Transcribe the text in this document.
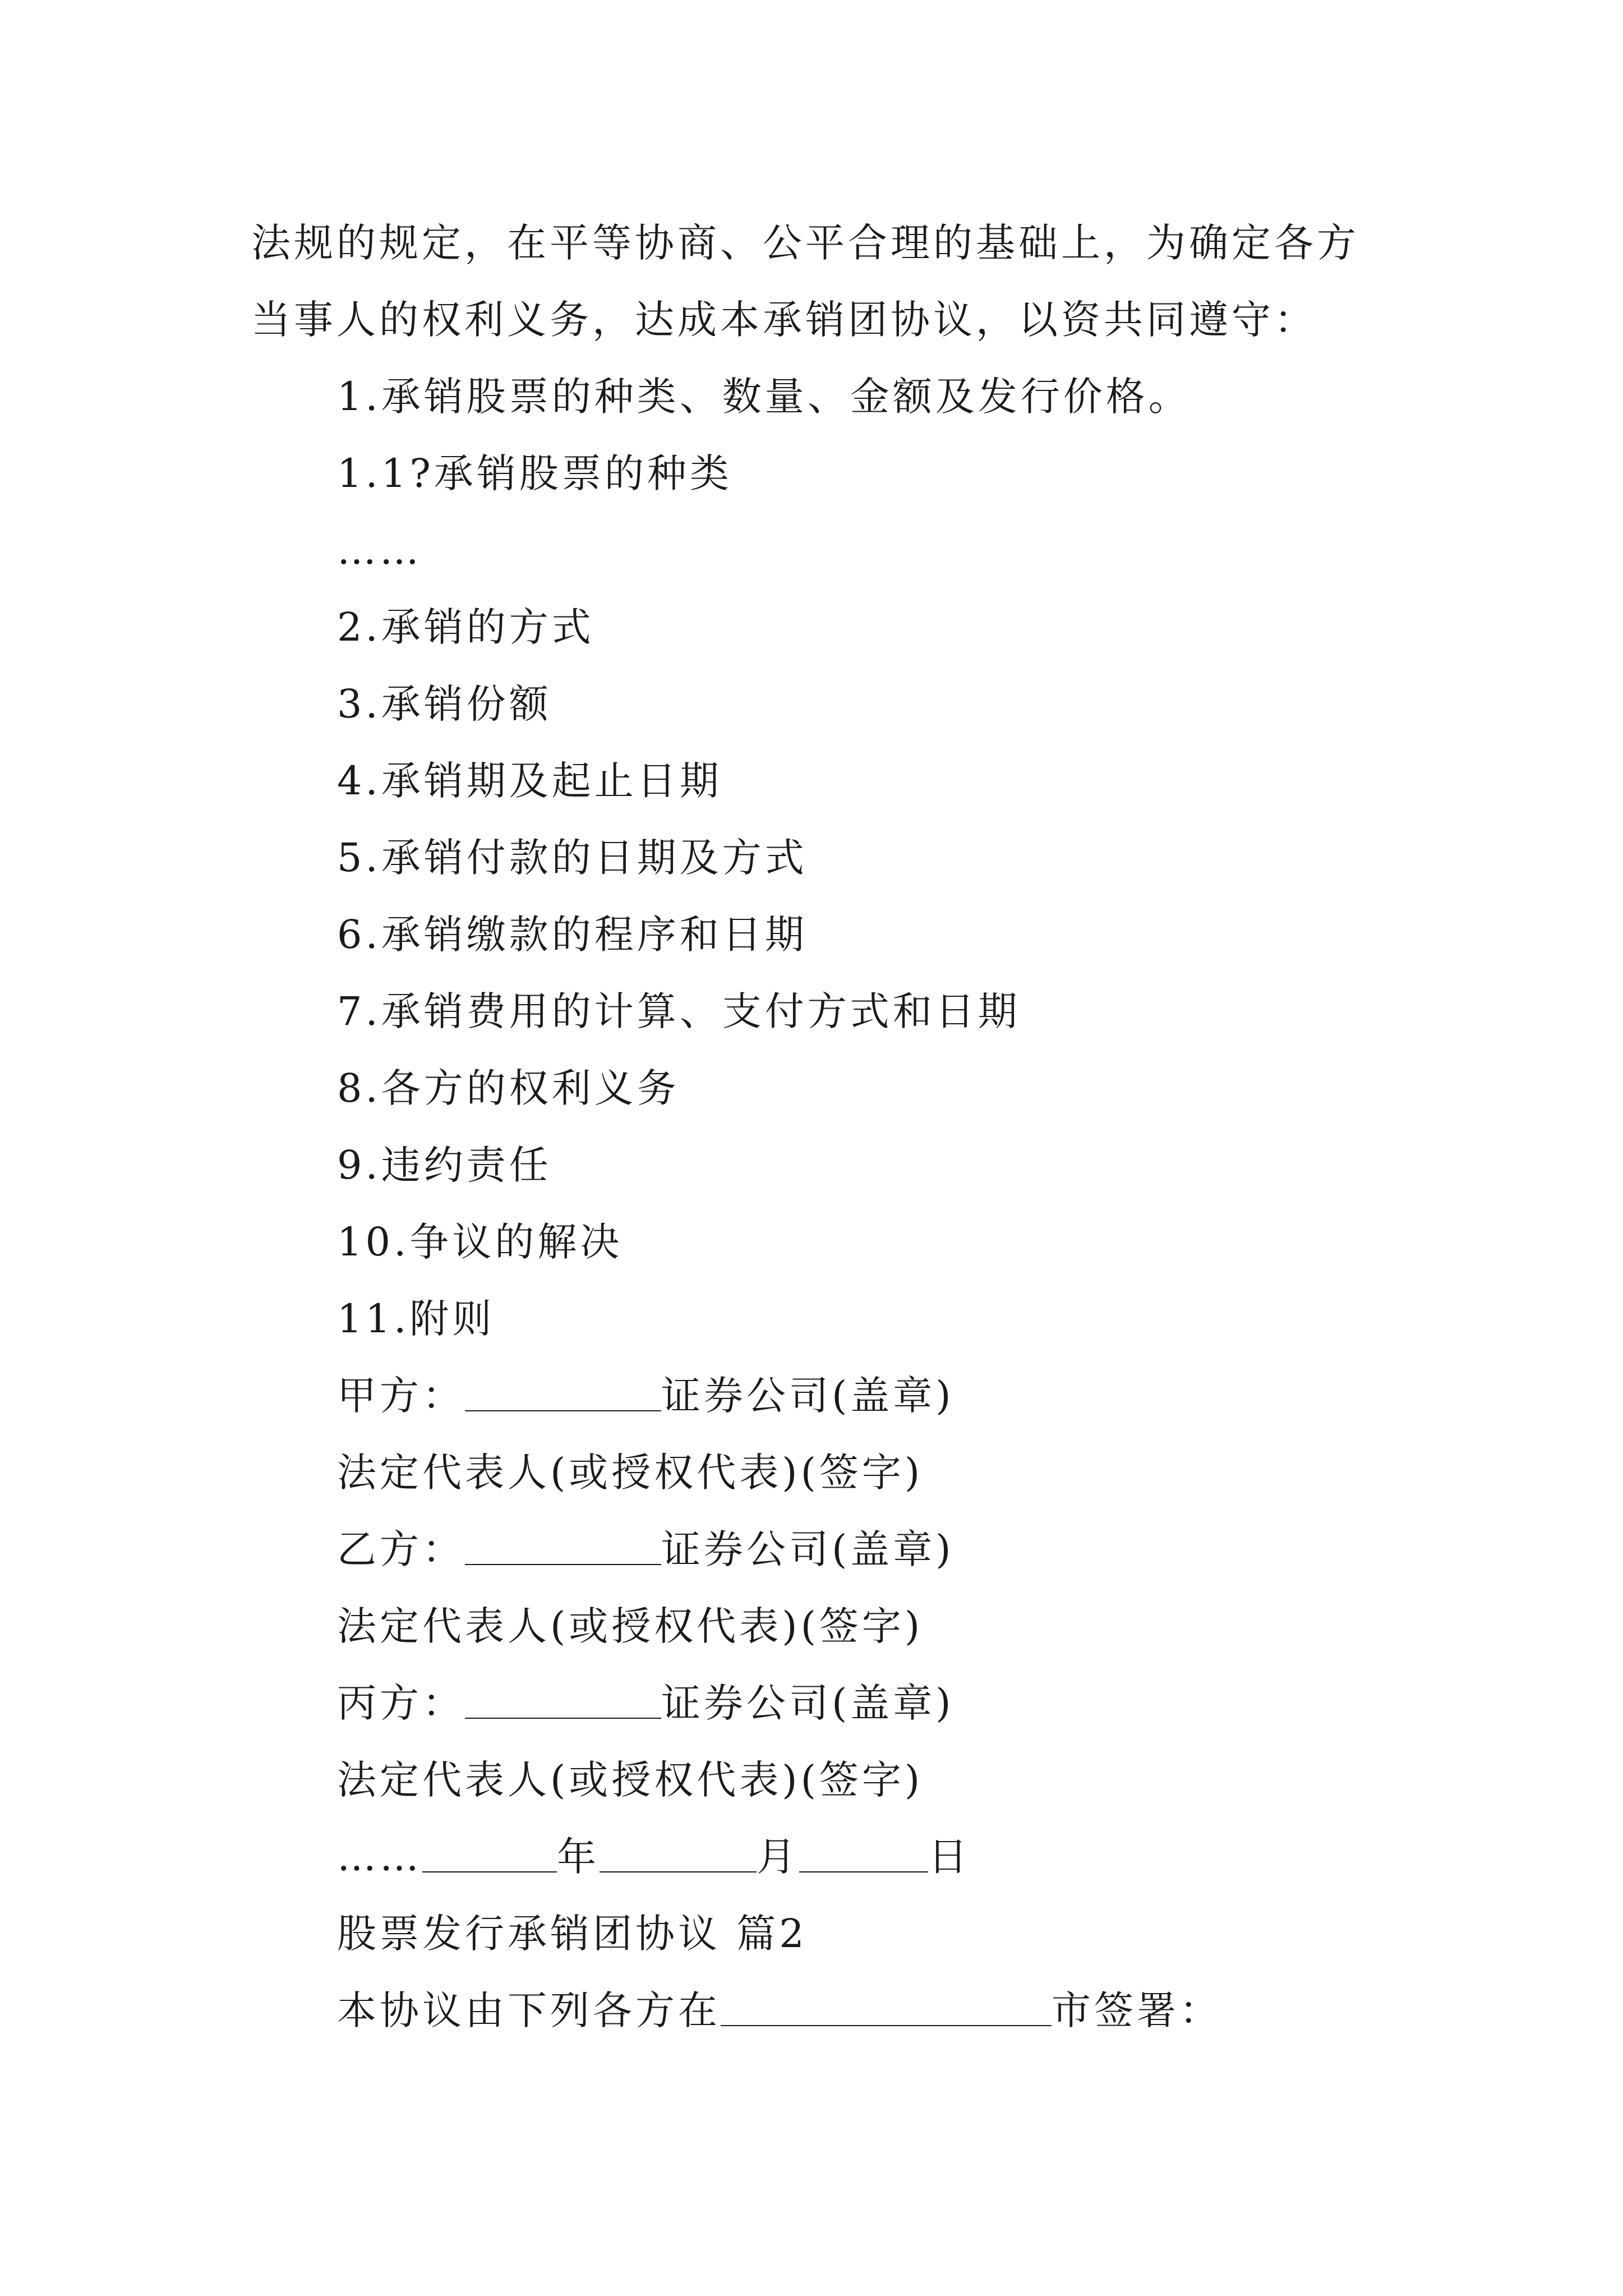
法规的规定，在平等协商、公平合理的基础上，为确定各方
当事人的权利义务，达成本承销团协议，以资共同遵守：
1.承销股票的种类、数量、金额及发行价格。
1.1?承销股票的种类
……
2.承销的方式
3.承销份额
4.承销期及起止日期
5.承销付款的日期及方式
6.承销缴款的程序和日期
7.承销费用的计算、支付方式和日期
8.各方的权利义务
9.违约责任
10.争议的解决
11.附则
甲方：	证券公司(盖章)
法定代表人(或授权代表)(签字)
乙方：	证券公司(盖章)
法定代表人(或授权代表)(签字)
丙方：	证券公司(盖章)
法定代表人(或授权代表)(签字)
……	年	月	日
股票发行承销团协议 篇2
本协议由下列各方在	市签署：
